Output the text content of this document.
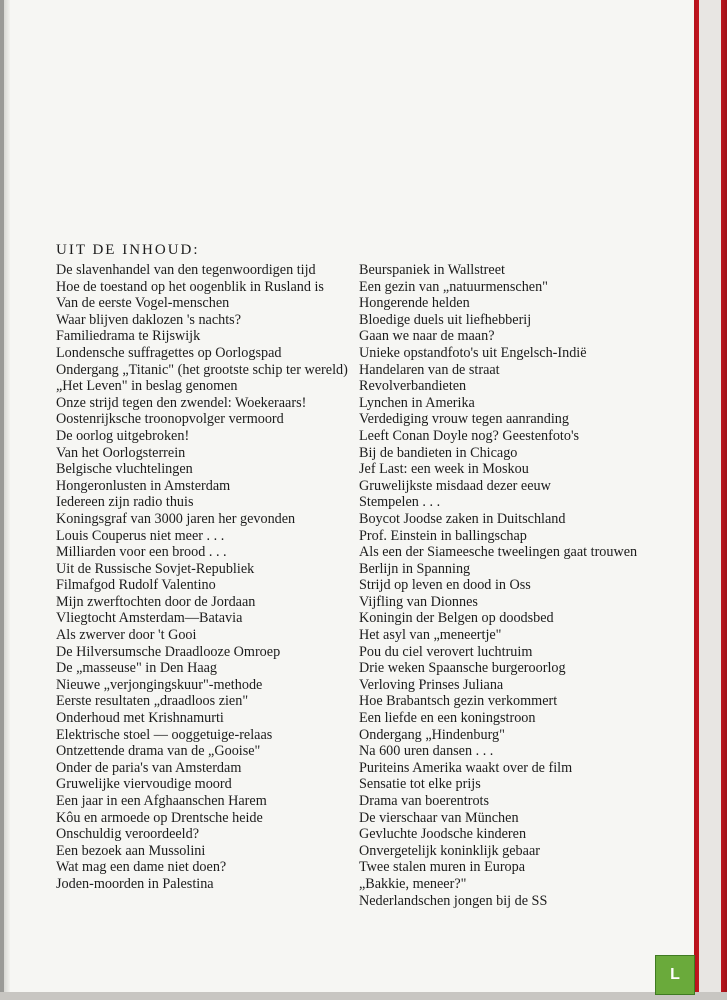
UIT DE INHOUD:
De slavenhandel van den tegenwoordigen tijd
Hoe de toestand op het oogenblik in Rusland is
Van de eerste Vogel-menschen
Waar blijven daklozen 's nachts?
Familiedrama te Rijswijk
Londensche suffragettes op Oorlogspad
Ondergang „Titanic" (het grootste schip ter wereld)
„Het Leven" in beslag genomen
Onze strijd tegen den zwendel: Woekeraars!
Oostenrijksche troonopvolger vermoord
De oorlog uitgebroken!
Van het Oorlogsterrein
Belgische vluchtelingen
Hongeronlusten in Amsterdam
Iedereen zijn radio thuis
Koningsgraf van 3000 jaren her gevonden
Louis Couperus niet meer . . .
Milliarden voor een brood . . .
Uit de Russische Sovjet-Republiek
Filmafgod Rudolf Valentino
Mijn zwerftochten door de Jordaan
Vliegtocht Amsterdam—Batavia
Als zwerver door 't Gooi
De Hilversumsche Draadlooze Omroep
De „masseuse" in Den Haag
Nieuwe „verjongingskuur"-methode
Eerste resultaten „draadloos zien"
Onderhoud met Krishnamurti
Elektrische stoel — ooggetuige-relaas
Ontzettende drama van de „Gooise"
Onder de paria's van Amsterdam
Gruwelijke viervoudige moord
Een jaar in een Afghaanschen Harem
Kôu en armoede op Drentsche heide
Onschuldig veroordeeld?
Een bezoek aan Mussolini
Wat mag een dame niet doen?
Joden-moorden in Palestina
Beurspaniek in Wallstreet
Een gezin van „natuurmenschen"
Hongerende helden
Bloedige duels uit liefhebberij
Gaan we naar de maan?
Unieke opstandfoto's uit Engelsch-Indië
Handelaren van de straat
Revolverbandieten
Lynchen in Amerika
Verdediging vrouw tegen aanranding
Leeft Conan Doyle nog? Geestenfoto's
Bij de bandieten in Chicago
Jef Last: een week in Moskou
Gruwelijkste misdaad dezer eeuw
Stempelen . . .
Boycot Joodse zaken in Duitschland
Prof. Einstein in ballingschap
Als een der Siameesche tweelingen gaat trouwen
Berlijn in Spanning
Strijd op leven en dood in Oss
Vijfling van Dionnes
Koningin der Belgen op doodsbed
Het asyl van „meneertje"
Pou du ciel verovert luchtruim
Drie weken Spaansche burgeroorlog
Verloving Prinses Juliana
Hoe Brabantsch gezin verkommert
Een liefde en een koningstroon
Ondergang „Hindenburg"
Na 600 uren dansen . . .
Puriteins Amerika waakt over de film
Sensatie tot elke prijs
Drama van boerentrots
De vierschaar van München
Gevluchte Joodsche kinderen
Onvergetelijk koninklijk gebaar
Twee stalen muren in Europa
„Bakkie, meneer?"
Nederlandschen jongen bij de SS
L
